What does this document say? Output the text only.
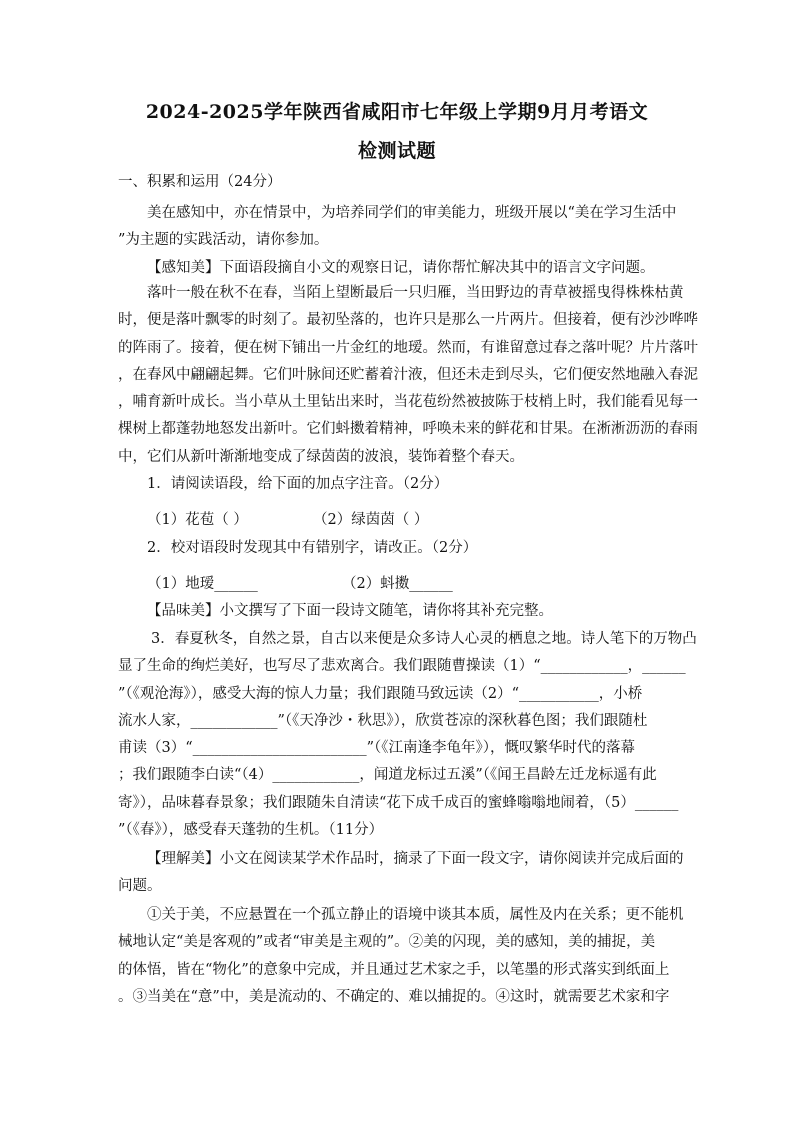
2024-2025学年陕西省咸阳市七年级上学期9月月考语文
检测试题
一、积累和运用（24分）
美在感知中，亦在情景中，为培养同学们的审美能力，班级开展以“美在学习生活中
”为主题的实践活动，请你参加。
【感知美】下面语段摘自小文的观察日记，请你帮忙解决其中的语言文字问题。
落叶一般在秋不在春，当陌上望断最后一只归雁，当田野边的青草被摇曳得株株枯黄
时，便是落叶飘零的时刻了。最初坠落的，也许只是那么一片两片。但接着，便有沙沙哗哗
的阵雨了。接着，便在树下铺出一片金红的地瑷。然而，有谁留意过春之落叶呢？片片落叶
，在春风中翩翩起舞。它们叶脉间还贮蓄着汁液，但还未走到尽头，它们便安然地融入春泥
，哺育新叶成长。当小草从土里钻出来时，当花苞纷然被披陈于枝梢上时，我们能看见每一
棵树上都蓬勃地怒发出新叶。它们蚪擞着精神，呼唤未来的鲜花和甘果。在淅淅沥沥的春雨
中，它们从新叶渐渐地变成了绿茵茵的波浪，装饰着整个春天。
1．请阅读语段，给下面的加点字注音。（2分）
（1）花苞（ ）	（2）绿茵茵（ ）
2．校对语段时发现其中有错别字，请改正。（2分）
（1）地瑷______	（2）蚪擞______
【品味美】小文撰写了下面一段诗文随笔，请你将其补充完整。
3．春夏秋冬，自然之景，自古以来便是众多诗人心灵的栖息之地。诗人笔下的万物凸
显了生命的绚烂美好，也写尽了悲欢离合。我们跟随曹操读（1）“____________，______
”（《观沧海》），感受大海的惊人力量；我们跟随马致远读（2）“___________，小桥
流水人家，____________”（《天净沙・秋思》），欣赏苍凉的深秋暮色图；我们跟随杜
甫读（3）“________________________”（《江南逢李龟年》），慨叹繁华时代的落幕
；我们跟随李白读“（4）____________，闻道龙标过五溪”（《闻王昌龄左迁龙标遥有此
寄》），品味暮春景象；我们跟随朱自清读“花下成千成百的蜜蜂嗡嗡地闹着，（5）______
”（《春》），感受春天蓬勃的生机。（11分）
【理解美】小文在阅读某学术作品时，摘录了下面一段文字，请你阅读并完成后面的
问题。
①关于美，不应悬置在一个孤立静止的语境中谈其本质，属性及内在关系；更不能机
械地认定“美是客观的”或者“审美是主观的”。②美的闪现，美的感知，美的捕捉，美
的体悟，皆在“物化”的意象中完成，并且通过艺术家之手，以笔墨的形式落实到纸面上
。③当美在“意”中，美是流动的、不确定的、难以捕捉的。④这时，就需要艺术家和字
